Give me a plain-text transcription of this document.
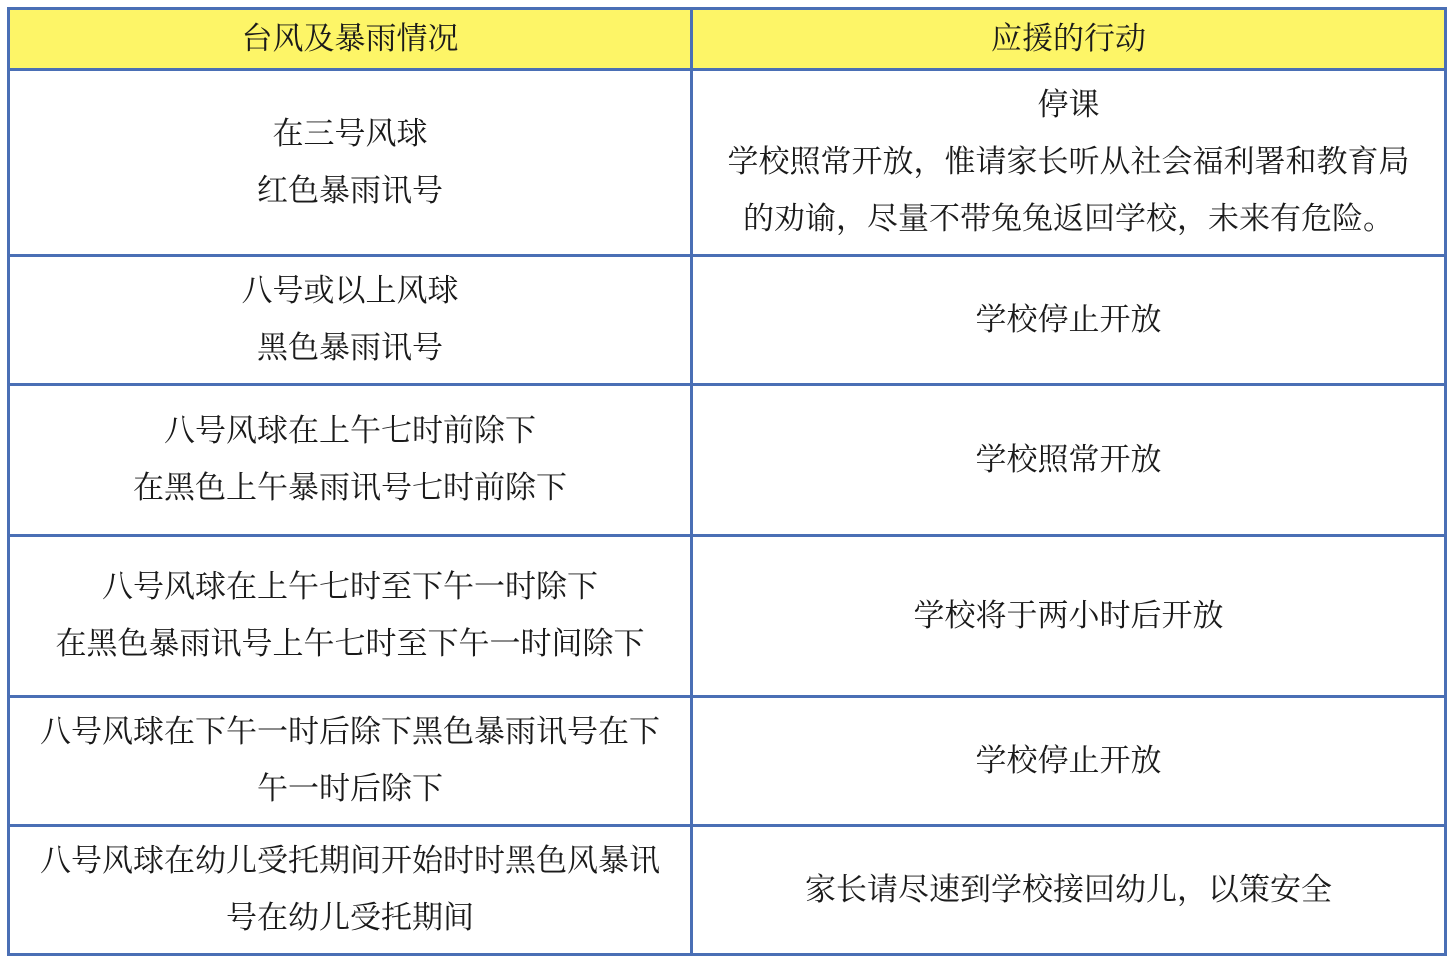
台风及暴雨情况	应援的行动

在三号风球
红色暴雨讯号	停课
学校照常开放，惟请家长听从社会福利署和教育局
的劝谕，尽量不带兔兔返回学校，未来有危险。

八号或以上风球
黑色暴雨讯号	学校停止开放

八号风球在上午七时前除下
在黑色上午暴雨讯号七时前除下	学校照常开放

八号风球在上午七时至下午一时除下
在黑色暴雨讯号上午七时至下午一时间除下	学校将于两小时后开放

八号风球在下午一时后除下黑色暴雨讯号在下
午一时后除下	学校停止开放

八号风球在幼儿受托期间开始时时黑色风暴讯
号在幼儿受托期间	家长请尽速到学校接回幼儿，以策安全
